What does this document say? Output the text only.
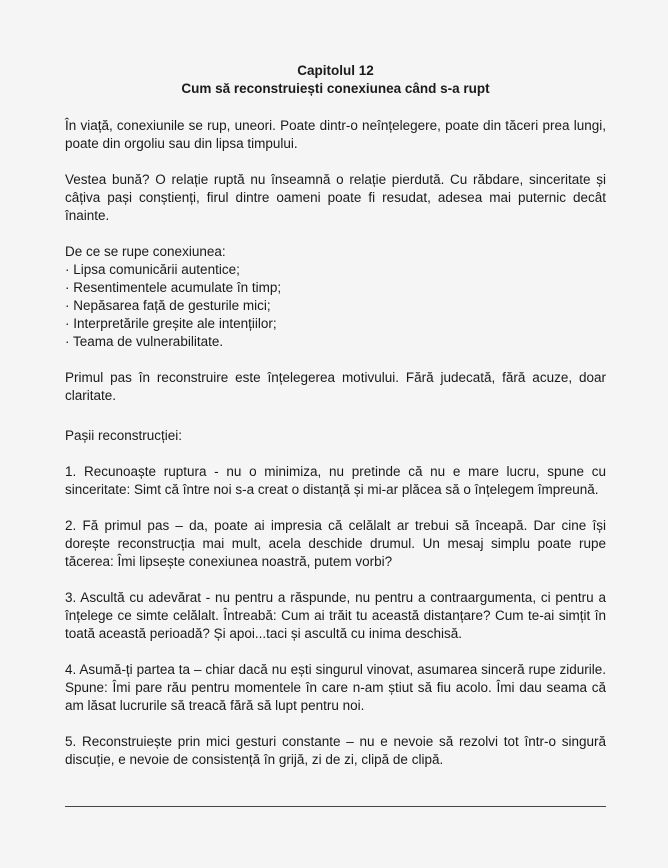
Capitolul 12
Cum să reconstruiești conexiunea când s-a rupt

În viață, conexiunile se rup, uneori. Poate dintr-o neînțelegere, poate din tăceri prea lungi, poate din orgoliu sau din lipsa timpului.

Vestea bună? O relație ruptă nu înseamnă o relație pierdută. Cu răbdare, sinceritate și câțiva pași conștienți, firul dintre oameni poate fi resudat, adesea mai puternic decât înainte.

De ce se rupe conexiunea:

· Lipsa comunicării autentice;
· Resentimentele acumulate în timp;
· Nepăsarea față de gesturile mici;
· Interpretările greșite ale intențiilor;
· Teama de vulnerabilitate.

Primul pas în reconstruire este înțelegerea motivului. Fără judecată, fără acuze, doar claritate.

Pașii reconstrucției:

1. Recunoaște ruptura - nu o minimiza, nu pretinde că nu e mare lucru, spune cu sinceritate: Simt că între noi s-a creat o distanță și mi-ar plăcea să o înțelegem împreună.

2. Fă primul pas – da, poate ai impresia că celălalt ar trebui să înceapă. Dar cine își dorește reconstrucția mai mult, acela deschide drumul. Un mesaj simplu poate rupe tăcerea: Îmi lipsește conexiunea noastră, putem vorbi?

3. Ascultă cu adevărat - nu pentru a răspunde, nu pentru a contraargumenta, ci pentru a înțelege ce simte celălalt. Întreabă: Cum ai trăit tu această distanțare? Cum te-ai simțit în toată această perioadă? Și apoi...taci și ascultă cu inima deschisă.

4. Asumă-ți partea ta – chiar dacă nu ești singurul vinovat, asumarea sinceră rupe zidurile. Spune: Îmi pare rău pentru momentele în care n-am știut să fiu acolo. Îmi dau seama că am lăsat lucrurile să treacă fără să lupt pentru noi.

5. Reconstruiește prin mici gesturi constante – nu e nevoie să rezolvi tot într-o singură discuție, e nevoie de consistență în grijă, zi de zi, clipă de clipă.
